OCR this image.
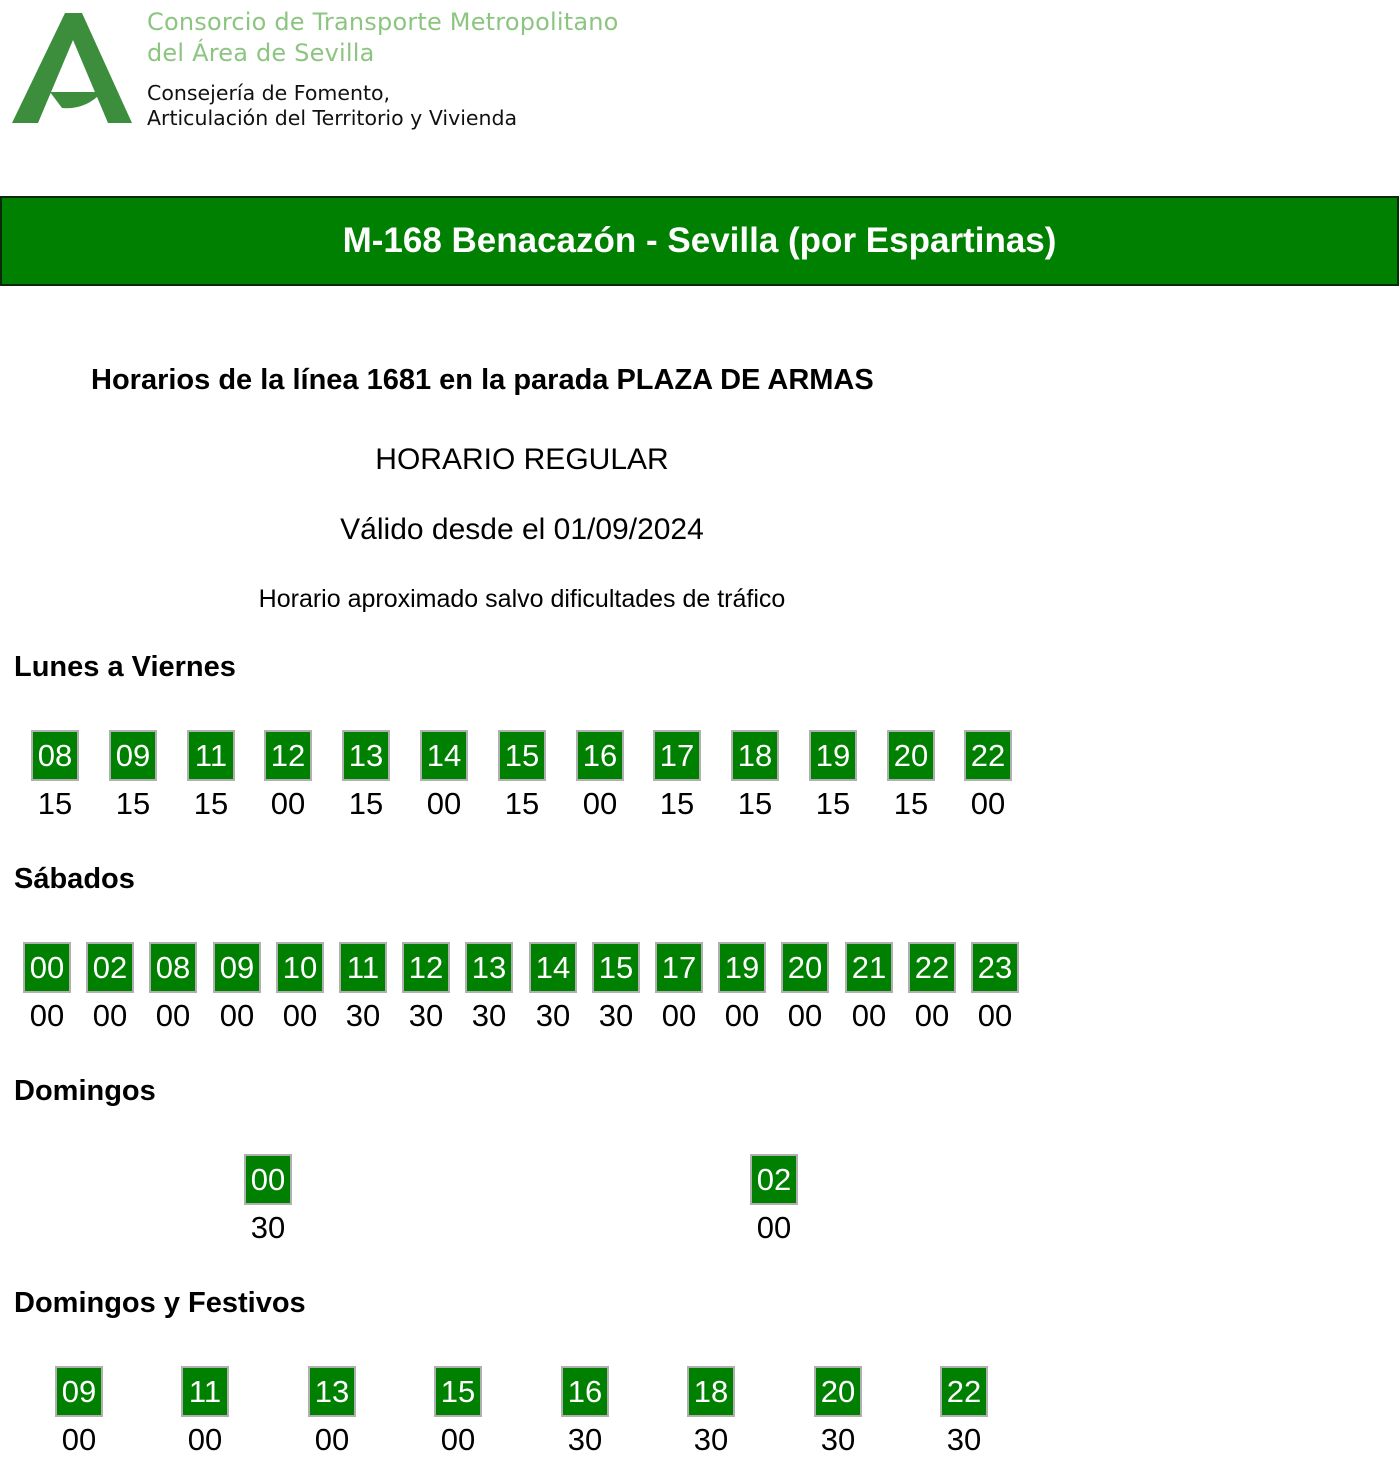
Consorcio de Transporte Metropolitano
del Área de Sevilla
Consejería de Fomento,
Articulación del Territorio y Vivienda
M-168 Benacazón - Sevilla (por Espartinas)
Horarios de la línea 1681 en la parada PLAZA DE ARMAS
HORARIO REGULAR
Válido desde el 01/09/2024
Horario aproximado salvo dificultades de tráfico
Lunes a Viernes
08
15
09
15
11
15
12
00
13
15
14
00
15
15
16
00
17
15
18
15
19
15
20
15
22
00
Sábados
00
00
02
00
08
00
09
00
10
00
11
30
12
30
13
30
14
30
15
30
17
00
19
00
20
00
21
00
22
00
23
00
Domingos
00
30
02
00
Domingos y Festivos
09
00
11
00
13
00
15
00
16
30
18
30
20
30
22
30
